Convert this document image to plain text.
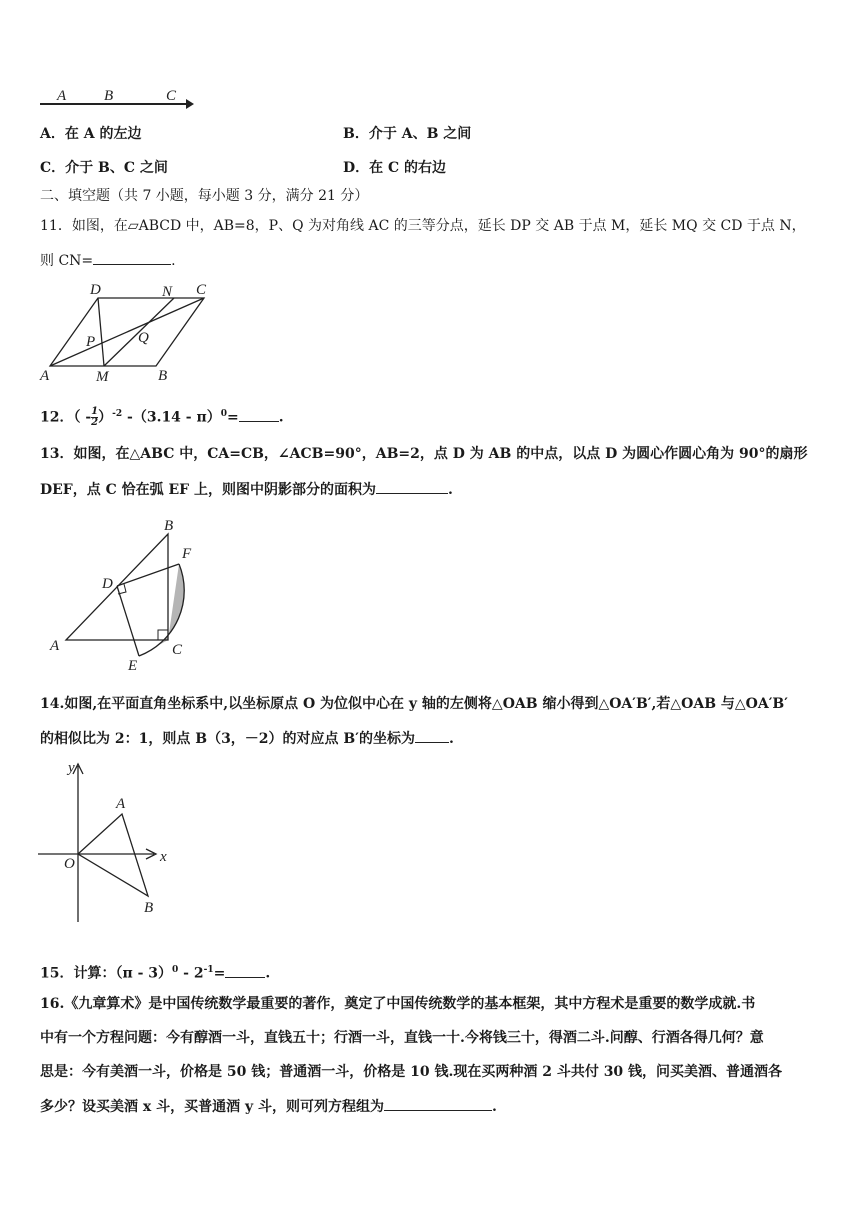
A	B	C
A．在 A 的左边	B．介于 A、B 之间
C．介于 B、C 之间	D．在 C 的右边
二、填空题（共 7 小题，每小题 3 分，满分 21 分）
11．如图，在▱ABCD 中，AB=8，P、Q 为对角线 AC 的三等分点，延长 DP 交 AB 于点 M，延长 MQ 交 CD 于点 N，
则 CN=	.
D	N C
P	Q
A	M	B
12．（ - $\frac{1}{2} )^{-2}$ -（3.14 - π）$^0$=	.
13．如图，在△ABC 中，CA=CB，∠ACB=90°，AB=2，点 D 为 AB 的中点，以点 D 为圆心作圆心角为 90°的扇形
DEF，点 C 恰在弧 EF 上，则图中阴影部分的面积为	.
B
F
D
A	C
E
14.如图,在平面直角坐标系中,以坐标原点 O 为位似中心在 y 轴的左侧将△OAB 缩小得到△OA′B′,若△OAB 与△OA′B′
的相似比为 2：1，则点 B（3，－2）的对应点 B′的坐标为 .
y
A
O	x
B
15．计算：$(\pi - 3)^0 - 2^{-1}=$	.
16.《九章算术》是中国传统数学最重要的著作，奠定了中国传统数学的基本框架，其中方程术是重要的数学成就.书
中有一个方程问题：今有醇酒一斗，直钱五十；行酒一斗，直钱一十.今将钱三十，得酒二斗.问醇、行酒各得几何？意
思是：今有美酒一斗，价格是 50 钱；普通酒一斗，价格是 10 钱.现在买两种酒 2 斗共付 30 钱，问买美酒、普通酒各
多少？设买美酒 x 斗，买普通酒 y 斗，则可列方程组为	.
